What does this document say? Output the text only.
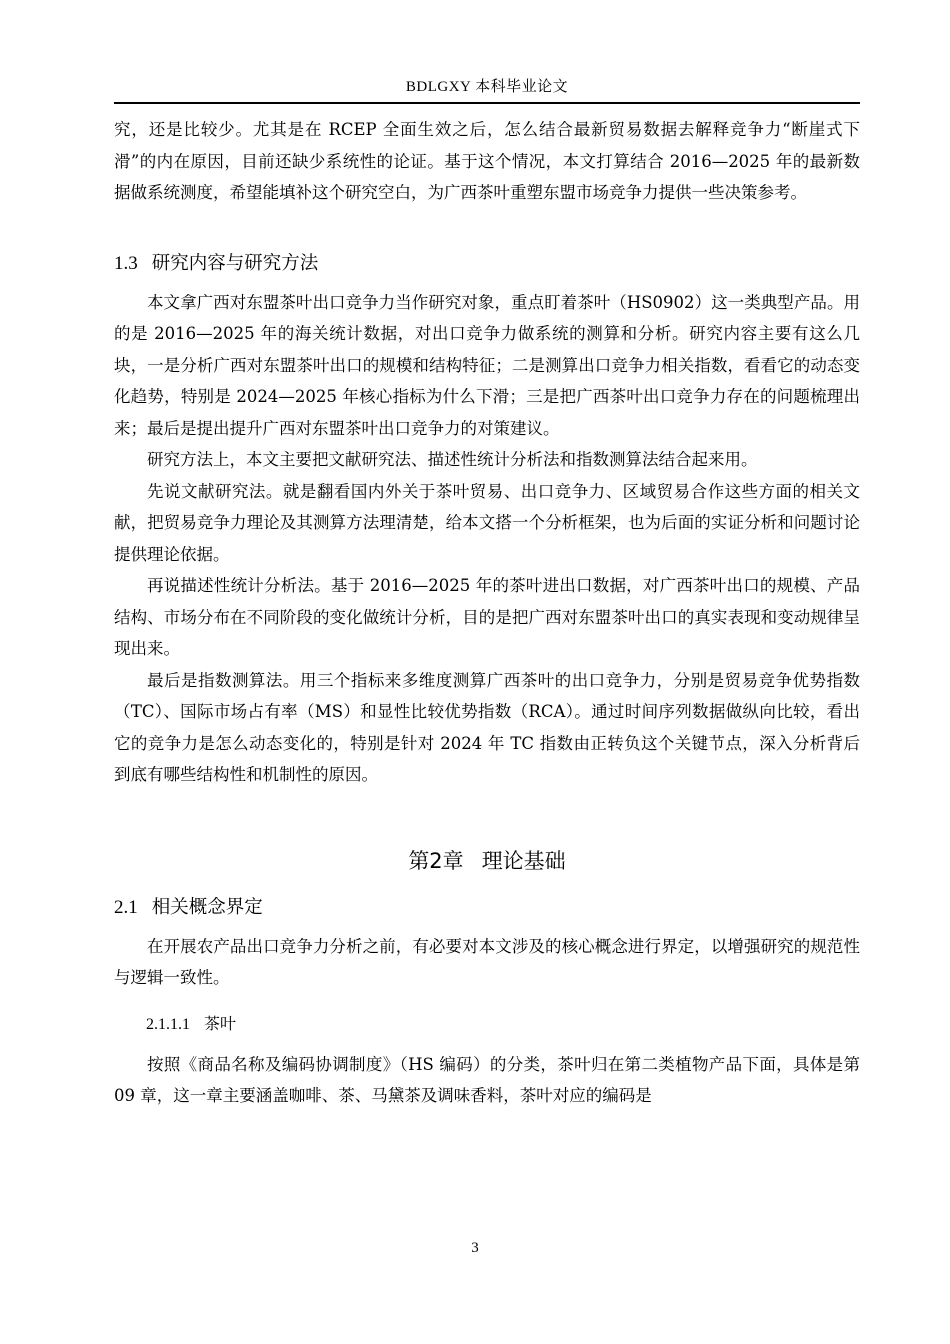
BDLGXY 本科毕业论文

究，还是比较少。尤其是在 RCEP 全面生效之后，怎么结合最新贸易数据去解释竞争力“断崖式下滑”的内在原因，目前还缺少系统性的论证。基于这个情况，本文打算结合 2016—2025 年的最新数据做系统测度，希望能填补这个研究空白，为广西茶叶重塑东盟市场竞争力提供一些决策参考。

1.3 研究内容与研究方法

本文拿广西对东盟茶叶出口竞争力当作研究对象，重点盯着茶叶（HS0902）这一类典型产品。用的是 2016—2025 年的海关统计数据，对出口竞争力做系统的测算和分析。研究内容主要有这么几块，一是分析广西对东盟茶叶出口的规模和结构特征；二是测算出口竞争力相关指数，看看它的动态变化趋势，特别是 2024—2025 年核心指标为什么下滑；三是把广西茶叶出口竞争力存在的问题梳理出来；最后是提出提升广西对东盟茶叶出口竞争力的对策建议。

研究方法上，本文主要把文献研究法、描述性统计分析法和指数测算法结合起来用。

先说文献研究法。就是翻看国内外关于茶叶贸易、出口竞争力、区域贸易合作这些方面的相关文献，把贸易竞争力理论及其测算方法理清楚，给本文搭一个分析框架，也为后面的实证分析和问题讨论提供理论依据。

再说描述性统计分析法。基于 2016—2025 年的茶叶进出口数据，对广西茶叶出口的规模、产品结构、市场分布在不同阶段的变化做统计分析，目的是把广西对东盟茶叶出口的真实表现和变动规律呈现出来。

最后是指数测算法。用三个指标来多维度测算广西茶叶的出口竞争力，分别是贸易竞争优势指数（TC）、国际市场占有率（MS）和显性比较优势指数（RCA）。通过时间序列数据做纵向比较，看出它的竞争力是怎么动态变化的，特别是针对 2024 年 TC 指数由正转负这个关键节点，深入分析背后到底有哪些结构性和机制性的原因。

第2章 理论基础
2.1 相关概念界定

在开展农产品出口竞争力分析之前，有必要对本文涉及的核心概念进行界定，以增强研究的规范性与逻辑一致性。

2.1.1.1 茶叶

按照《商品名称及编码协调制度》（HS 编码）的分类，茶叶归在第二类植物产品下面，具体是第 09 章，这一章主要涵盖咖啡、茶、马黛茶及调味香料，茶叶对应的编码是

3
